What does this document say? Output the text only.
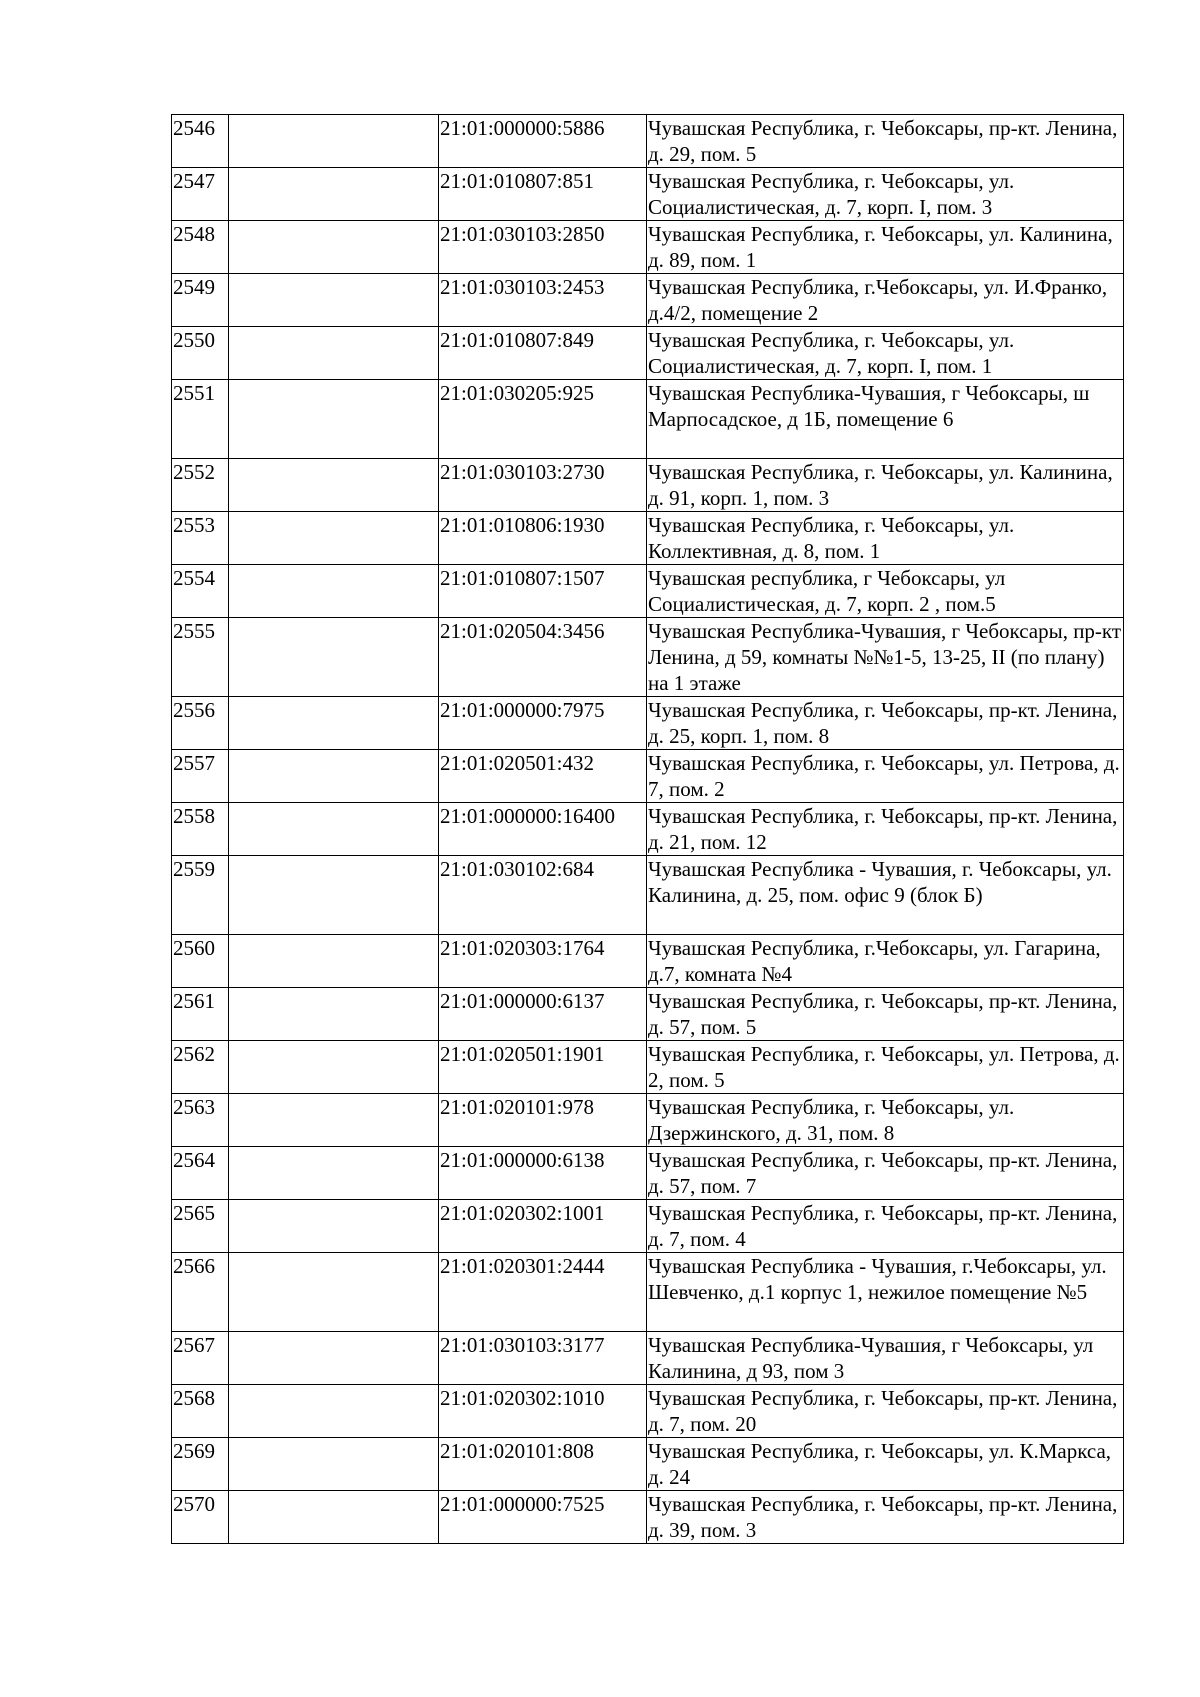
2546		21:01:000000:5886	Чувашская Республика, г. Чебоксары, пр-кт. Ленина, д. 29, пом. 5
2547		21:01:010807:851	Чувашская Республика, г. Чебоксары, ул. Социалистическая, д. 7, корп. I, пом. 3
2548		21:01:030103:2850	Чувашская Республика, г. Чебоксары, ул. Калинина, д. 89, пом. 1
2549		21:01:030103:2453	Чувашская Республика, г.Чебоксары, ул. И.Франко, д.4/2, помещение 2
2550		21:01:010807:849	Чувашская Республика, г. Чебоксары, ул. Социалистическая, д. 7, корп. I, пом. 1
2551		21:01:030205:925	Чувашская Республика-Чувашия, г Чебоксары, ш Марпосадское, д 1Б, помещение 6
2552		21:01:030103:2730	Чувашская Республика, г. Чебоксары, ул. Калинина, д. 91, корп. 1, пом. 3
2553		21:01:010806:1930	Чувашская Республика, г. Чебоксары, ул. Коллективная, д. 8, пом. 1
2554		21:01:010807:1507	Чувашская республика, г Чебоксары, ул Социалистическая, д. 7, корп. 2 , пом.5
2555		21:01:020504:3456	Чувашская Республика-Чувашия, г Чебоксары, пр-кт Ленина, д 59, комнаты №№1-5, 13-25, II (по плану) на 1 этаже
2556		21:01:000000:7975	Чувашская Республика, г. Чебоксары, пр-кт. Ленина, д. 25, корп. 1, пом. 8
2557		21:01:020501:432	Чувашская Республика, г. Чебоксары, ул. Петрова, д. 7, пом. 2
2558		21:01:000000:16400	Чувашская Республика, г. Чебоксары, пр-кт. Ленина, д. 21, пом. 12
2559		21:01:030102:684	Чувашская Республика - Чувашия, г. Чебоксары, ул. Калинина, д. 25, пом. офис 9 (блок Б)
2560		21:01:020303:1764	Чувашская Республика, г.Чебоксары, ул. Гагарина, д.7, комната №4
2561		21:01:000000:6137	Чувашская Республика, г. Чебоксары, пр-кт. Ленина, д. 57, пом. 5
2562		21:01:020501:1901	Чувашская Республика, г. Чебоксары, ул. Петрова, д. 2, пом. 5
2563		21:01:020101:978	Чувашская Республика, г. Чебоксары, ул. Дзержинского, д. 31, пом. 8
2564		21:01:000000:6138	Чувашская Республика, г. Чебоксары, пр-кт. Ленина, д. 57, пом. 7
2565		21:01:020302:1001	Чувашская Республика, г. Чебоксары, пр-кт. Ленина, д. 7, пом. 4
2566		21:01:020301:2444	Чувашская Республика - Чувашия, г.Чебоксары, ул. Шевченко, д.1 корпус 1, нежилое помещение №5
2567		21:01:030103:3177	Чувашская Республика-Чувашия, г Чебоксары, ул Калинина, д 93, пом 3
2568		21:01:020302:1010	Чувашская Республика, г. Чебоксары, пр-кт. Ленина, д. 7, пом. 20
2569		21:01:020101:808	Чувашская Республика, г. Чебоксары, ул. К.Маркса, д. 24
2570		21:01:000000:7525	Чувашская Республика, г. Чебоксары, пр-кт. Ленина, д. 39, пом. 3
